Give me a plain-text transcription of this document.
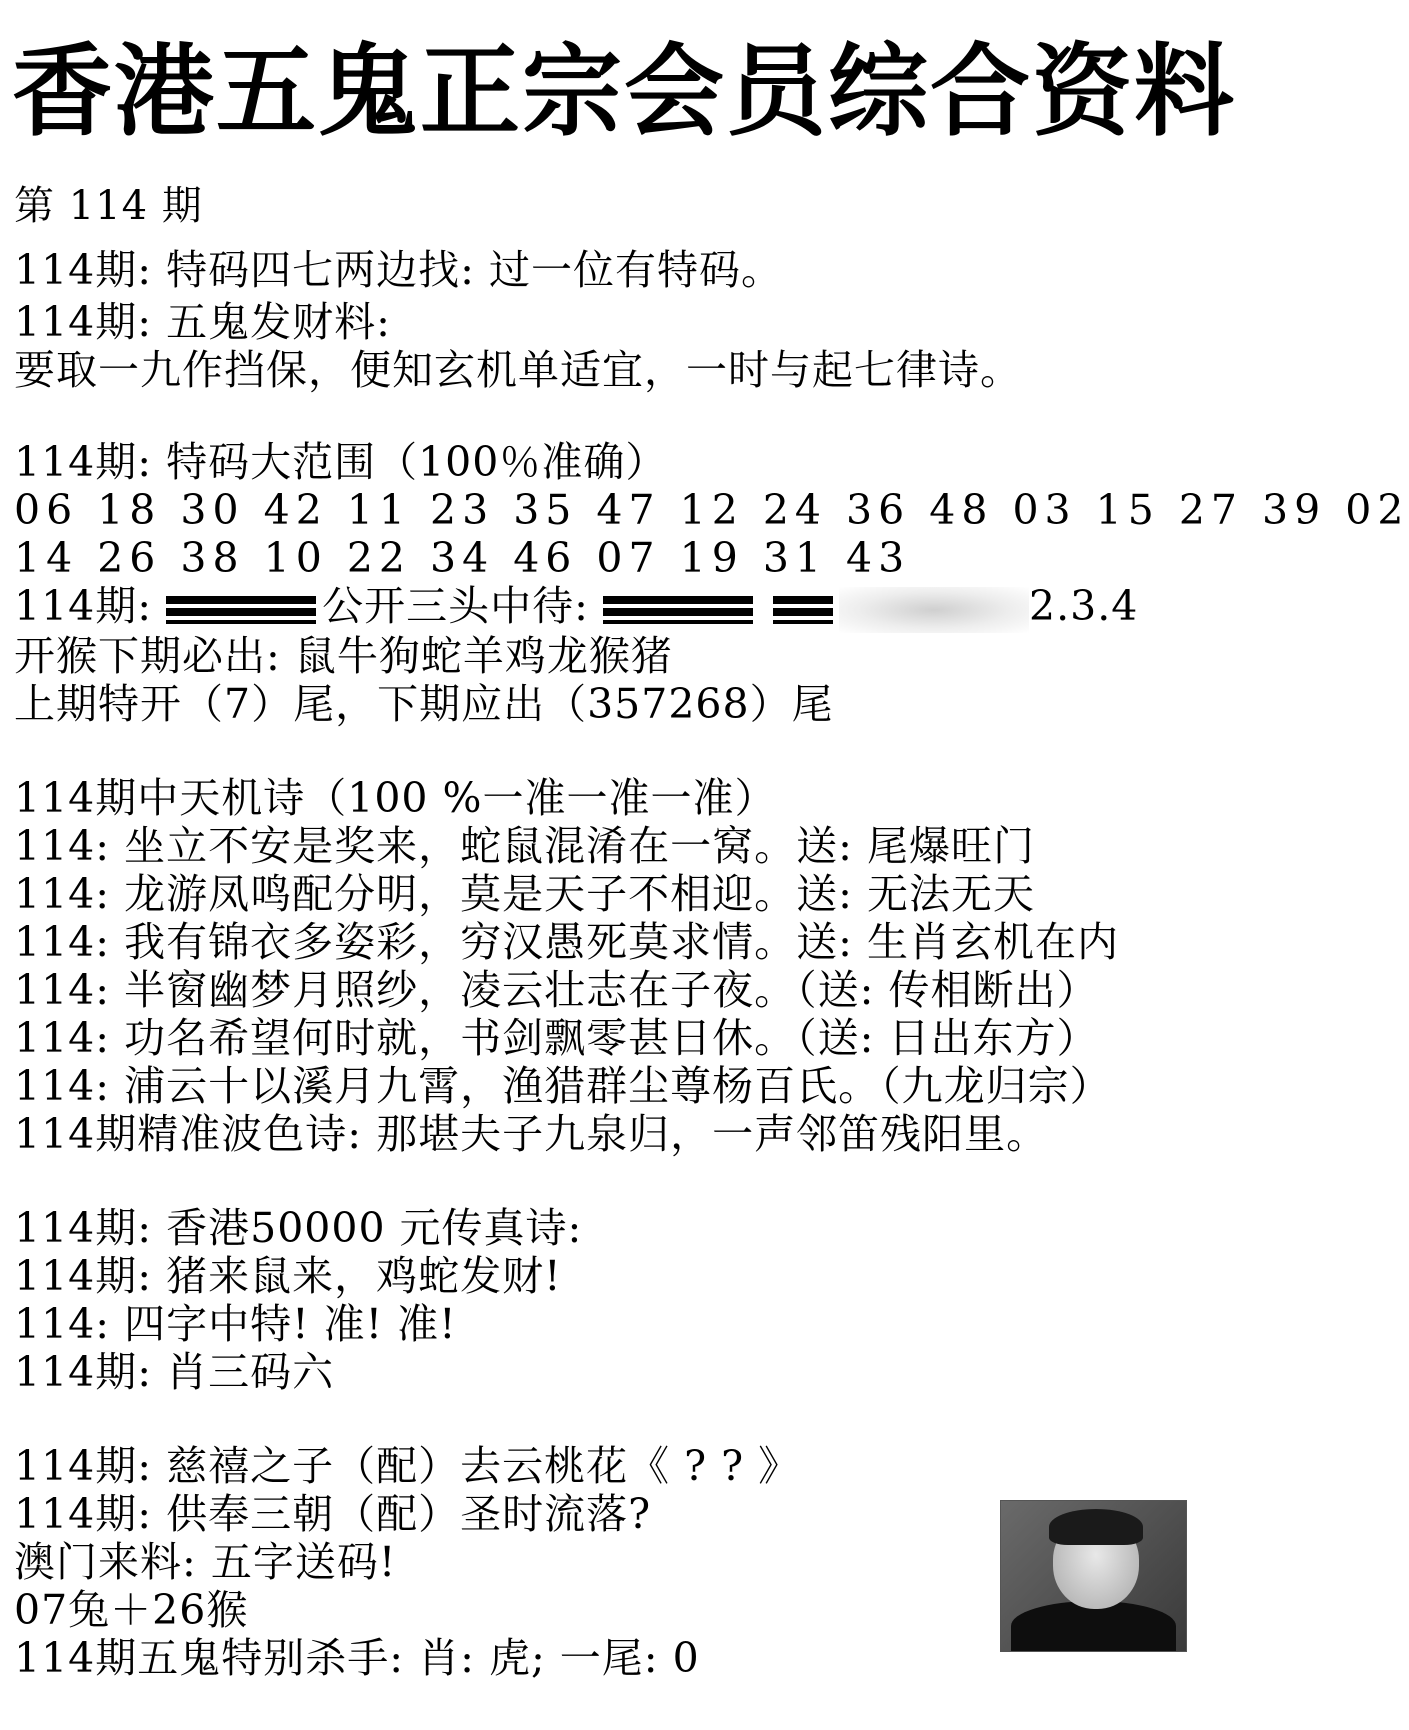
香港五鬼正宗会员综合资料
第 114 期
114期: 特码四七两边找: 过一位有特码。
114期: 五鬼发财料:
要取一九作挡保，便知玄机单适宜，一时与起七律诗。
114期: 特码大范围（100％准确）
06 18 30 42 11 23 35 47 12 24 36 48 03 15 27 39 02
14 26 38 10 22 34 46 07 19 31 43
114期:	公开三头中待:	2.3.4
开猴下期必出: 鼠牛狗蛇羊鸡龙猴猪
上期特开（7）尾，下期应出（357268）尾
114期中天机诗（100 %一准一准一准）
114: 坐立不安是奖来，蛇鼠混淆在一窝。送: 尾爆旺门
114: 龙游凤鸣配分明，莫是天子不相迎。送: 无法无天
114: 我有锦衣多姿彩，穷汉愚死莫求情。送: 生肖玄机在内
114: 半窗幽梦月照纱，凌云壮志在子夜。（送: 传相断出）
114: 功名希望何时就，书剑飘零甚日休。（送: 日出东方）
114: 浦云十以溪月九霄，渔猎群尘尊杨百氏。（九龙归宗）
114期精准波色诗: 那堪夫子九泉归，一声邻笛残阳里。
114期: 香港50000 元传真诗:
114期: 猪来鼠来，鸡蛇发财!
114: 四字中特! 准! 准!
114期: 肖三码六
114期: 慈禧之子（配）去云桃花《 ? ? 》
114期: 供奉三朝（配）圣时流落?
澳门来料: 五字送码!
07兔＋26猴
114期五鬼特别杀手: 肖: 虎; 一尾: 0
